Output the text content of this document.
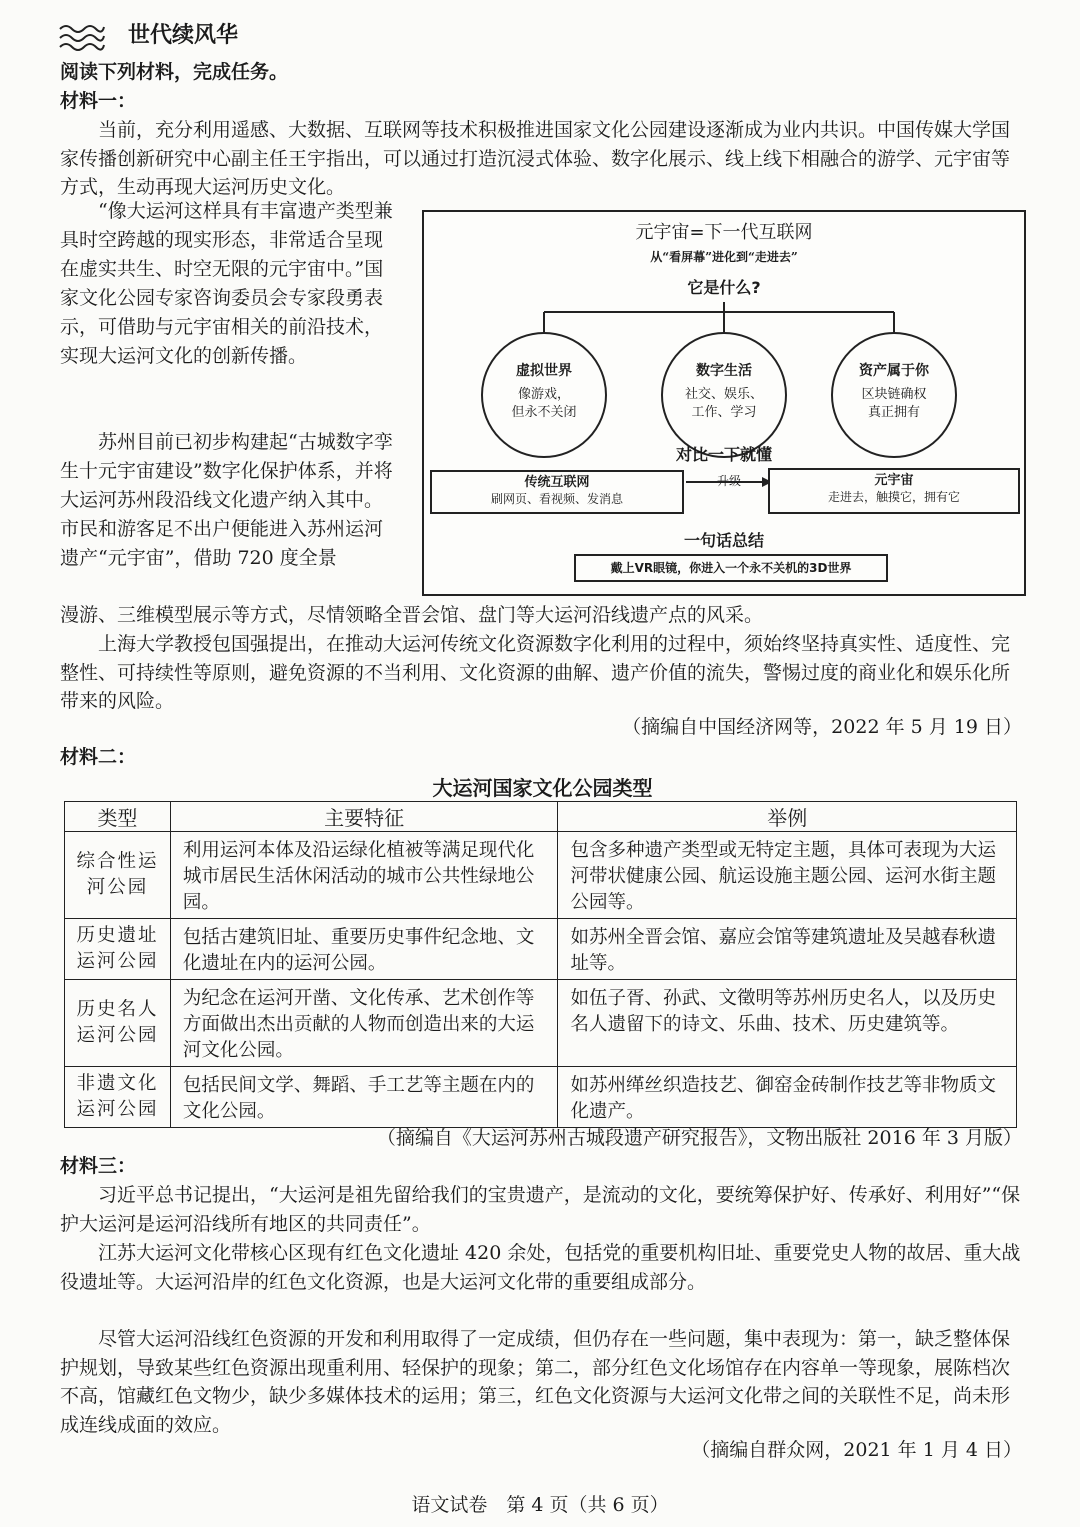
世代续风华
阅读下列材料，完成任务。
材料一：
当前，充分利用遥感、大数据、互联网等技术积极推进国家文化公园建设逐渐成为业内共识。中国传媒大学国家传播创新研究中心副主任王宇指出，可以通过打造沉浸式体验、数字化展示、线上线下相融合的游学、元宇宙等方式，生动再现大运河历史文化。
“像大运河这样具有丰富遗产类型兼具时空跨越的现实形态，非常适合呈现在虚实共生、时空无限的元宇宙中。”国家文化公园专家咨询委员会专家段勇表示，可借助与元宇宙相关的前沿技术，实现大运河文化的创新传播。
苏州目前已初步构建起“古城数字孪生十元宇宙建设”数字化保护体系，并将大运河苏州段沿线文化遗产纳入其中。市民和游客足不出户便能进入苏州运河遗产“元宇宙”，借助 720 度全景
漫游、三维模型展示等方式，尽情领略全晋会馆、盘门等大运河沿线遗产点的风采。
上海大学教授包国强提出，在推动大运河传统文化资源数字化利用的过程中，须始终坚持真实性、适度性、完整性、可持续性等原则，避免资源的不当利用、文化资源的曲解、遗产价值的流失，警惕过度的商业化和娱乐化所带来的风险。
（摘编自中国经济网等，2022 年 5 月 19 日）
元宇宙=下一代互联网
从“看屏幕”进化到“走进去”
它是什么?
虚拟世界
像游戏，
但永不关闭
数字生活
社交、娱乐、
工作、学习
资产属于你
区块链确权
真正拥有
对比一下就懂
传统互联网
刷网页、看视频、发消息
升级	元宇宙
走进去，触摸它，拥有它
一句话总结
戴上VR眼镜，你进入一个永不关机的3D世界
材料二：
大运河国家文化公园类型
类型	主要特征	举例
综合性运河公园	利用运河本体及沿运绿化植被等满足现代化城市居民生活休闲活动的城市公共性绿地公园。	包含多种遗产类型或无特定主题，具体可表现为大运河带状健康公园、航运设施主题公园、运河水街主题公园等。
历史遗址运河公园	包括古建筑旧址、重要历史事件纪念地、文化遗址在内的运河公园。	如苏州全晋会馆、嘉应会馆等建筑遗址及吴越春秋遗址等。
历史名人运河公园	为纪念在运河开凿、文化传承、艺术创作等方面做出杰出贡献的人物而创造出来的大运河文化公园。	如伍子胥、孙武、文徵明等苏州历史名人，以及历史名人遗留下的诗文、乐曲、技术、历史建筑等。
非遗文化运河公园	包括民间文学、舞蹈、手工艺等主题在内的文化公园。	如苏州缂丝织造技艺、御窑金砖制作技艺等非物质文化遗产。
（摘编自《大运河苏州古城段遗产研究报告》，文物出版社 2016 年 3 月版）
材料三：
习近平总书记提出，“大运河是祖先留给我们的宝贵遗产，是流动的文化，要统筹保护好、传承好、利用好”“保护大运河是运河沿线所有地区的共同责任”。
江苏大运河文化带核心区现有红色文化遗址 420 余处，包括党的重要机构旧址、重要党史人物的故居、重大战役遗址等。大运河沿岸的红色文化资源，也是大运河文化带的重要组成部分。
尽管大运河沿线红色资源的开发和利用取得了一定成绩，但仍存在一些问题，集中表现为：第一，缺乏整体保护规划，导致某些红色资源出现重利用、轻保护的现象；第二，部分红色文化场馆存在内容单一等现象，展陈档次不高，馆藏红色文物少，缺少多媒体技术的运用；第三，红色文化资源与大运河文化带之间的关联性不足，尚未形成连线成面的效应。
（摘编自群众网，2021 年 1 月 4 日）
语文试卷　第 4 页（共 6 页）
